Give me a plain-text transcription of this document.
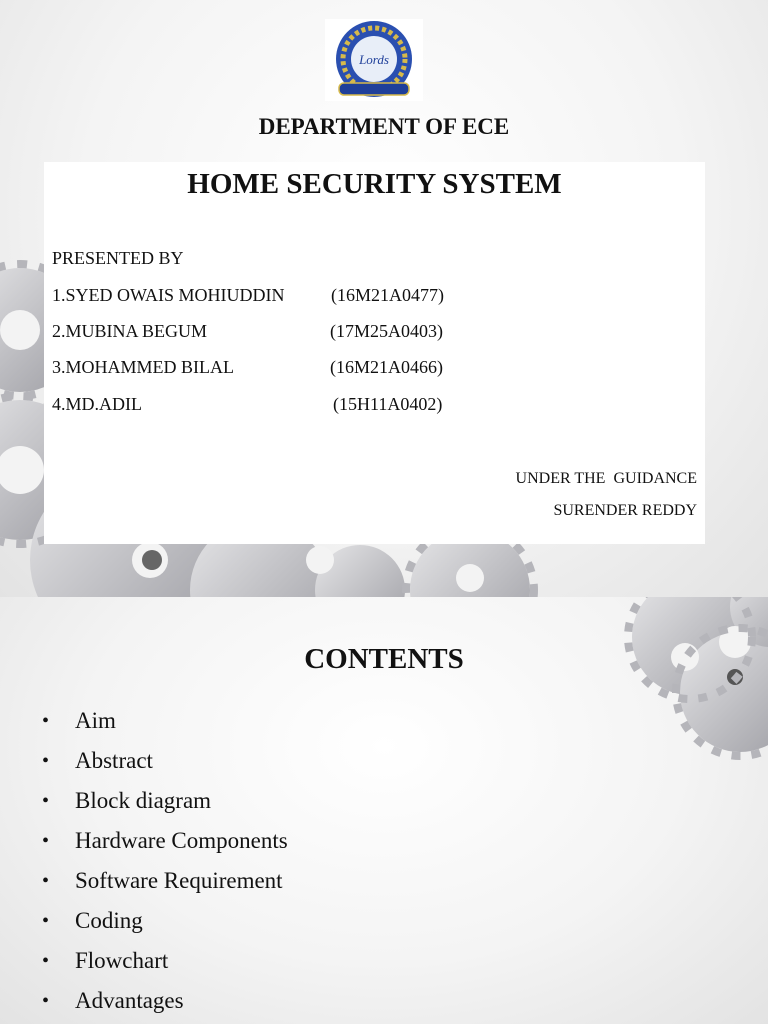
Lords
DEPARTMENT OF ECE
HOME SECURITY SYSTEM
PRESENTED BY
1.SYED OWAIS MOHIUDDIN	(16M21A0477)
2.MUBINA BEGUM	(17M25A0403)
3.MOHAMMED BILAL	(16M21A0466)
4.MD.ADIL	(15H11A0402)
UNDER THE  GUIDANCE
SURENDER REDDY
CONTENTS
• Aim
• Abstract
• Block diagram
• Hardware Components
• Software Requirement
• Coding
• Flowchart
• Advantages
